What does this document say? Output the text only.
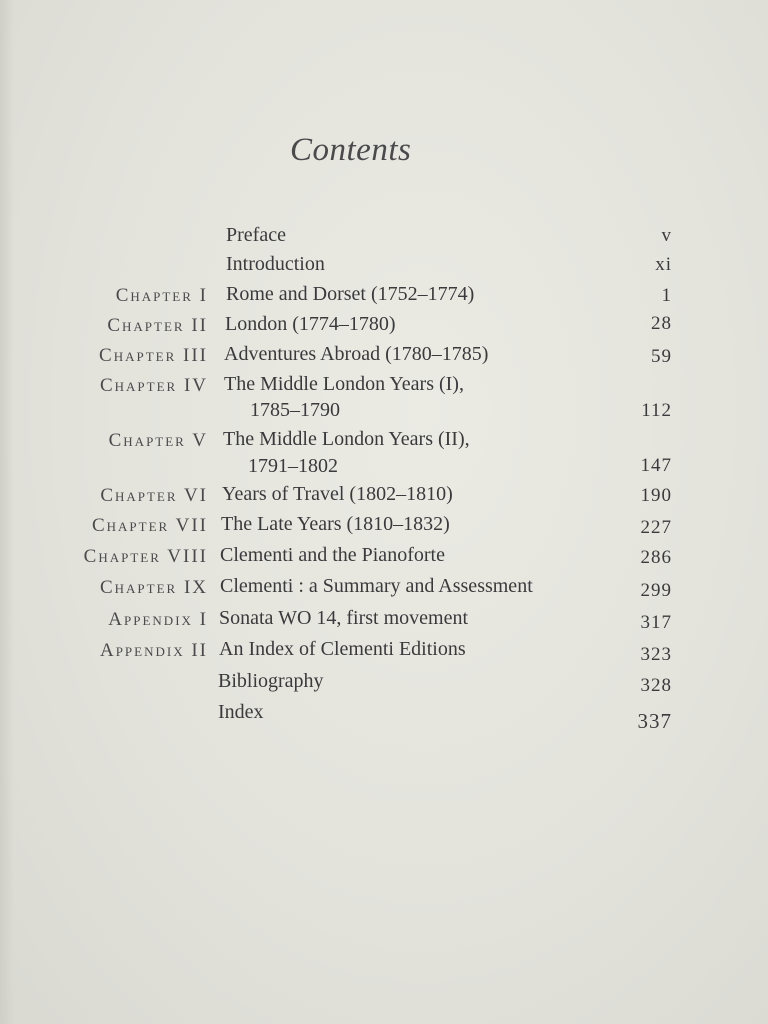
Contents
Preface	v
Introduction	xi
Chapter I Rome and Dorset (1752–1774)	1
Chapter II London (1774–1780)	28
Chapter III Adventures Abroad (1780–1785)	59
Chapter IV The Middle London Years (I),
1785–1790	112
Chapter V The Middle London Years (II),
1791–1802	147
Chapter VI Years of Travel (1802–1810)	190
Chapter VII The Late Years (1810–1832)	227
Chapter VIII Clementi and the Pianoforte	286
Chapter IX Clementi : a Summary and Assessment	299
Appendix I Sonata WO 14, first movement	317
Appendix II An Index of Clementi Editions	323
Bibliography	328
Index	337
